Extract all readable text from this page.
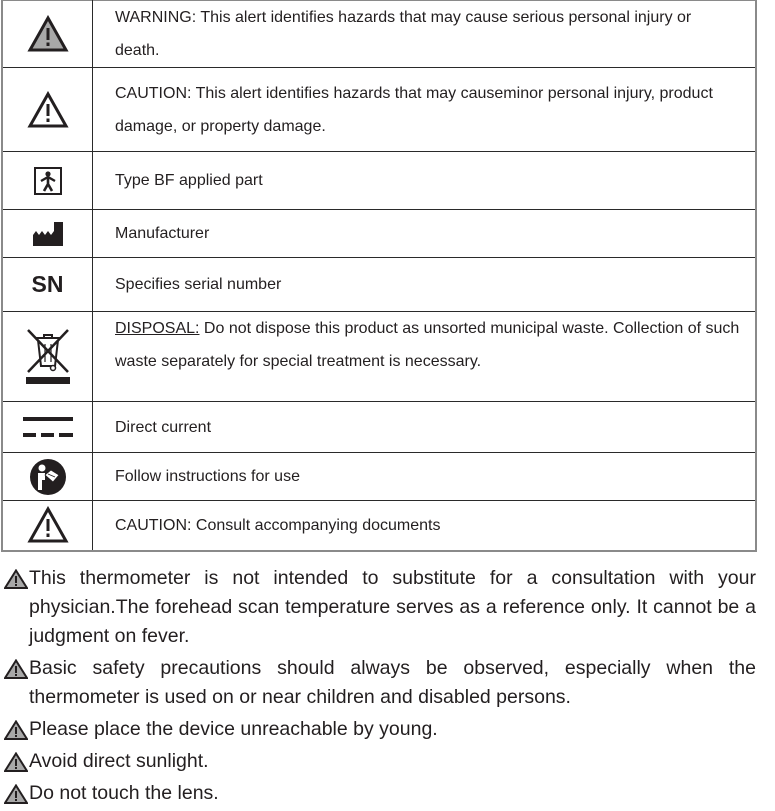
	WARNING: This alert identifies hazards that may cause serious personal injury or death.

	CAUTION: This alert identifies hazards that may causeminor personal injury, product damage, or property damage.

	Type BF applied part

	Manufacturer
SN	Specifies serial number

	DISPOSAL: Do not dispose this product as unsorted municipal waste. Collection of such waste separately for special treatment is necessary.

	Direct current

	Follow instructions for use

	CAUTION: Consult accompanying documents
This thermometer is not intended to substitute for a consultation with your physician.The forehead scan temperature serves as a reference only. It cannot be a judgment on fever.
Basic safety precautions should always be observed, especially when the thermometer is used on or near children and disabled persons.
Please place the device unreachable by young.
Avoid direct sunlight.
Do not touch the lens.
